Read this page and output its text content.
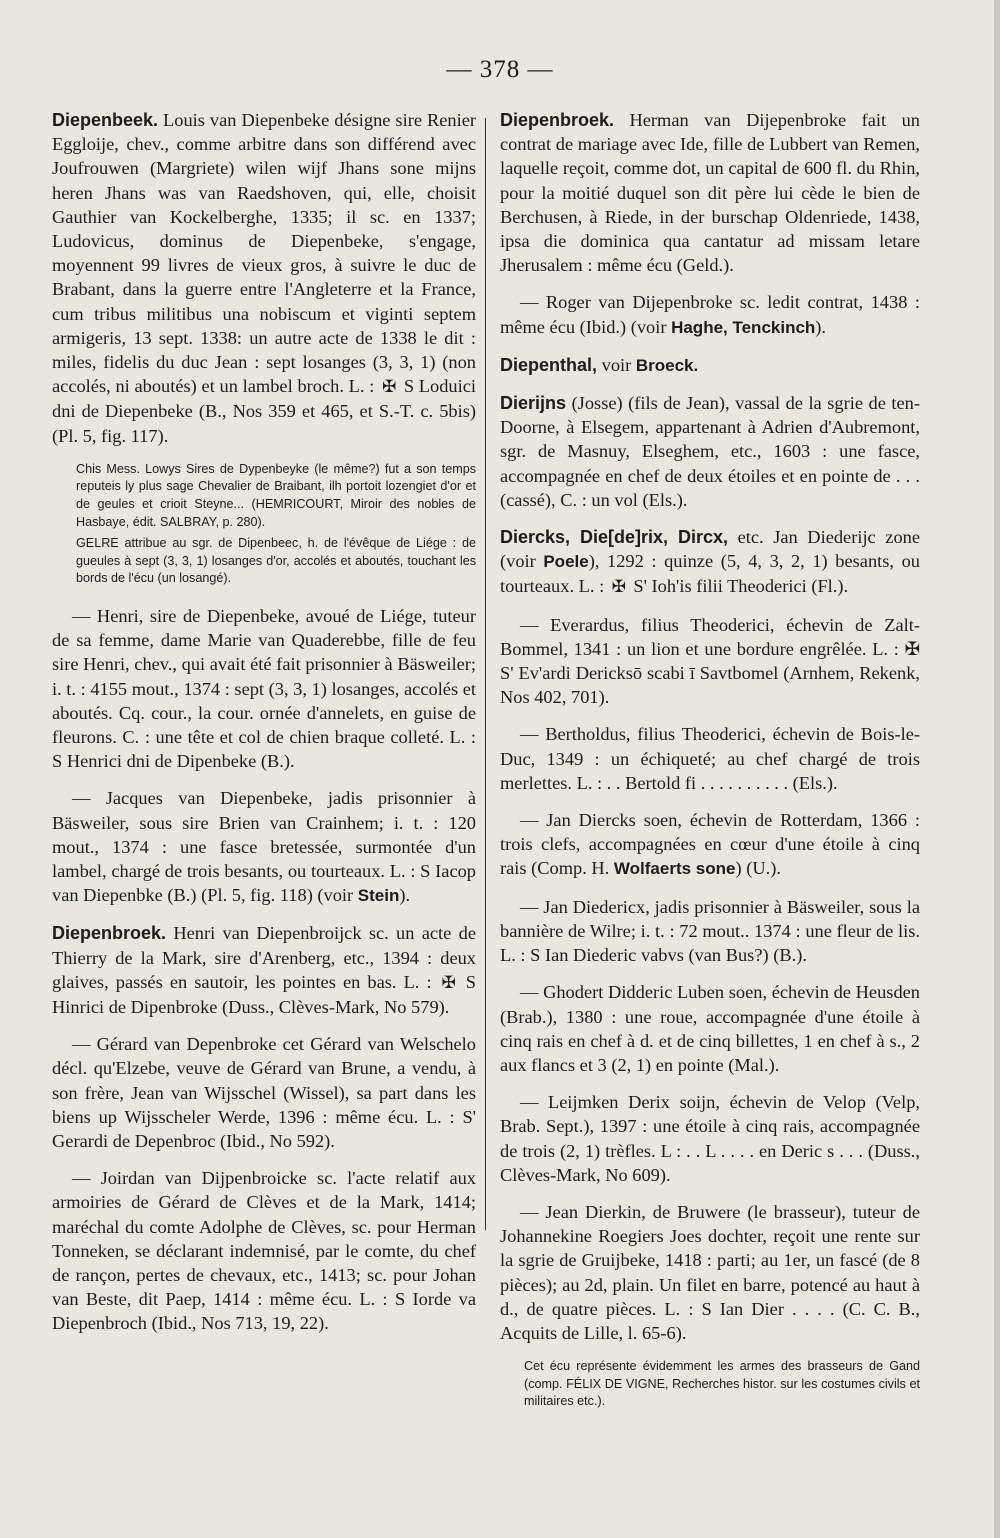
— 378 —

Diepenbeek. Louis van Diepenbeke désigne sire Renier Eggloije, chev., comme arbitre dans son différend avec Joufrouwen (Margriete) wilen wijf Jhans sone mijns heren Jhans was van Raedshoven, qui, elle, choisit Gauthier van Kockelberghe, 1335; il sc. en 1337; Ludovicus, dominus de Diepenbeke, s'engage, moyennent 99 livres de vieux gros, à suivre le duc de Brabant, dans la guerre entre l'Angleterre et la France, cum tribus militibus una nobiscum et viginti septem armigeris, 13 sept. 1338: un autre acte de 1338 le dit : miles, fidelis du duc Jean : sept losanges (3, 3, 1) (non accolés, ni aboutés) et un lambel broch. L. : ✠ S Loduici dni de Diepenbeke (B., Nos 359 et 465, et S.-T. c. 5bis) (Pl. 5, fig. 117).

Chis Mess. Lowys Sires de Dypenbeyke (le même?) fut a son temps reputeis ly plus sage Chevalier de Braibant, ilh portoit lozengiet d'or et de geules et crioit Steyne... (HEMRICOURT, Miroir des nobles de Hasbaye, édit. SALBRAY, p. 280).

GELRE attribue au sgr. de Dipenbeec, h. de l'évêque de Liége : de gueules à sept (3, 3, 1) losanges d'or, accolés et aboutés, touchant les bords de l'écu (un losangé).

— Henri, sire de Diepenbeke, avoué de Liége, tuteur de sa femme, dame Marie van Quaderebbe, fille de feu sire Henri, chev., qui avait été fait prisonnier à Bäsweiler; i. t. : 4155 mout., 1374 : sept (3, 3, 1) losanges, accolés et aboutés. Cq. cour., la cour. ornée d'annelets, en guise de fleurons. C. : une tête et col de chien braque colleté. L. : S Henrici dni de Dipenbeke (B.).

— Jacques van Diepenbeke, jadis prisonnier à Bäsweiler, sous sire Brien van Crainhem; i. t. : 120 mout., 1374 : une fasce bretessée, surmontée d'un lambel, chargé de trois besants, ou tourteaux. L. : S Iacop van Diepenbke (B.) (Pl. 5, fig. 118) (voir Stein).

Diepenbroek. Henri van Diepenbroijck sc. un acte de Thierry de la Mark, sire d'Arenberg, etc., 1394 : deux glaives, passés en sautoir, les pointes en bas. L. : ✠ S Hinrici de Dipenbroke (Duss., Clèves-Mark, No 579).

— Gérard van Depenbroke cet Gérard van Welschelo décl. qu'Elzebe, veuve de Gérard van Brune, a vendu, à son frère, Jean van Wijsschel (Wissel), sa part dans les biens up Wijsscheler Werde, 1396 : même écu. L. : S' Gerardi de Depenbroc (Ibid., No 592).

— Joirdan van Dijpenbroicke sc. l'acte relatif aux armoiries de Gérard de Clèves et de la Mark, 1414; maréchal du comte Adolphe de Clèves, sc. pour Herman Tonneken, se déclarant indemnisé, par le comte, du chef de rançon, pertes de chevaux, etc., 1413; sc. pour Johan van Beste, dit Paep, 1414 : même écu. L. : S Iorde va Diepenbroch (Ibid., Nos 713, 19, 22).

Diepenbroek. Herman van Dijepenbroke fait un contrat de mariage avec Ide, fille de Lubbert van Remen, laquelle reçoit, comme dot, un capital de 600 fl. du Rhin, pour la moitié duquel son dit père lui cède le bien de Berchusen, à Riede, in der burschap Oldenriede, 1438, ipsa die dominica qua cantatur ad missam letare Jherusalem : même écu (Geld.).

— Roger van Dijepenbroke sc. ledit contrat, 1438 : même écu (Ibid.) (voir Haghe, Tenckinch).

Diepenthal, voir Broeck.

Dierijns (Josse) (fils de Jean), vassal de la sgrie de ten-Doorne, à Elsegem, appartenant à Adrien d'Aubremont, sgr. de Masnuy, Elseghem, etc., 1603 : une fasce, accompagnée en chef de deux étoiles et en pointe de . . . (cassé), C. : un vol (Els.).

Diercks, Die[de]rix, Dircx, etc. Jan Diederijc zone (voir Poele), 1292 : quinze (5, 4, 3, 2, 1) besants, ou tourteaux. L. : ✠ S' Ioh'is filii Theoderici (Fl.).

— Everardus, filius Theoderici, échevin de Zalt-Bommel, 1341 : un lion et une bordure engrêlée. L. : ✠ S' Ev'ardi Dericksō scabi ī Savtbomel (Arnhem, Rekenk, Nos 402, 701).

— Bertholdus, filius Theoderici, échevin de Bois-le-Duc, 1349 : un échiqueté; au chef chargé de trois merlettes. L. : . . Bertold fi . . . . . . . . . . (Els.).

— Jan Diercks soen, échevin de Rotterdam, 1366 : trois clefs, accompagnées en cœur d'une étoile à cinq rais (Comp. H. Wolfaerts sone) (U.).

— Jan Diedericx, jadis prisonnier à Bäsweiler, sous la bannière de Wilre; i. t. : 72 mout.. 1374 : une fleur de lis. L. : S Ian Diederic vabvs (van Bus?) (B.).

— Ghodert Didderic Luben soen, échevin de Heusden (Brab.), 1380 : une roue, accompagnée d'une étoile à cinq rais en chef à d. et de cinq billettes, 1 en chef à s., 2 aux flancs et 3 (2, 1) en pointe (Mal.).

— Leijmken Derix soijn, échevin de Velop (Velp, Brab. Sept.), 1397 : une étoile à cinq rais, accompagnée de trois (2, 1) trèfles. L : . . L . . . . en Deric s . . . (Duss., Clèves-Mark, No 609).

— Jean Dierkin, de Bruwere (le brasseur), tuteur de Johannekine Roegiers Joes dochter, reçoit une rente sur la sgrie de Gruijbeke, 1418 : parti; au 1er, un fascé (de 8 pièces); au 2d, plain. Un filet en barre, potencé au haut à d., de quatre pièces. L. : S Ian Dier . . . . (C. C. B., Acquits de Lille, l. 65-6).

Cet écu représente évidemment les armes des brasseurs de Gand (comp. FÉLIX DE VIGNE, Recherches histor. sur les costumes civils et militaires etc.).
